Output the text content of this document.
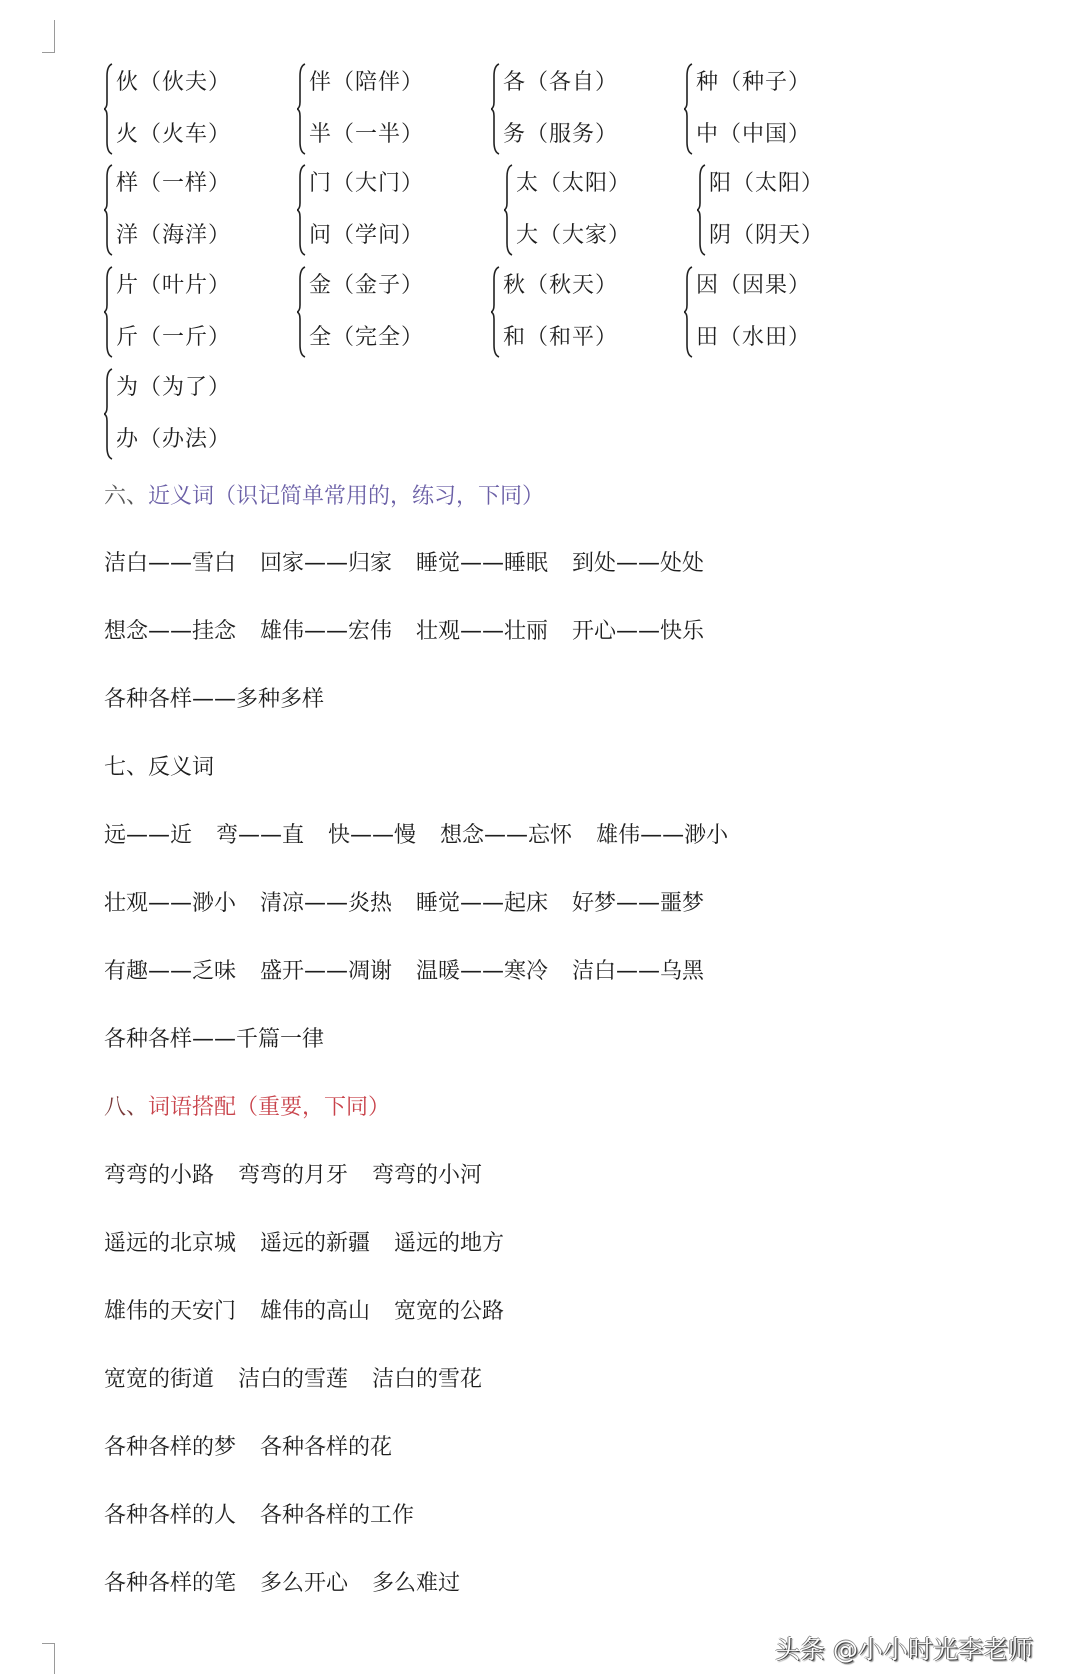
伙（伙夫）
火（火车）
伴（陪伴）
半（一半）
各（各自）
务（服务）
种（种子）
中（中国）
样（一样）
洋（海洋）
门（大门）
问（学问）
太（太阳）
大（大家）
阳（太阳）
阴（阴天）
片（叶片）
斤（一斤）
金（金子）
全（完全）
秋（秋天）
和（和平）
因（因果）
田（水田）
为（为了）
办（办法）
六、近义词（识记简单常用的，练习，下同）
洁白——雪白 回家——归家 睡觉——睡眠 到处——处处
想念——挂念 雄伟——宏伟 壮观——壮丽 开心——快乐
各种各样——多种多样
七、反义词
远——近 弯——直 快——慢 想念——忘怀 雄伟——渺小
壮观——渺小 清凉——炎热 睡觉——起床 好梦——噩梦
有趣——乏味 盛开——凋谢 温暖——寒冷 洁白——乌黑
各种各样——千篇一律
八、词语搭配（重要，下同）
弯弯的小路 弯弯的月牙 弯弯的小河
遥远的北京城 遥远的新疆 遥远的地方
雄伟的天安门 雄伟的高山 宽宽的公路
宽宽的街道 洁白的雪莲 洁白的雪花
各种各样的梦 各种各样的花
各种各样的人 各种各样的工作
各种各样的笔 多么开心 多么难过
头条 @小小时光李老师
